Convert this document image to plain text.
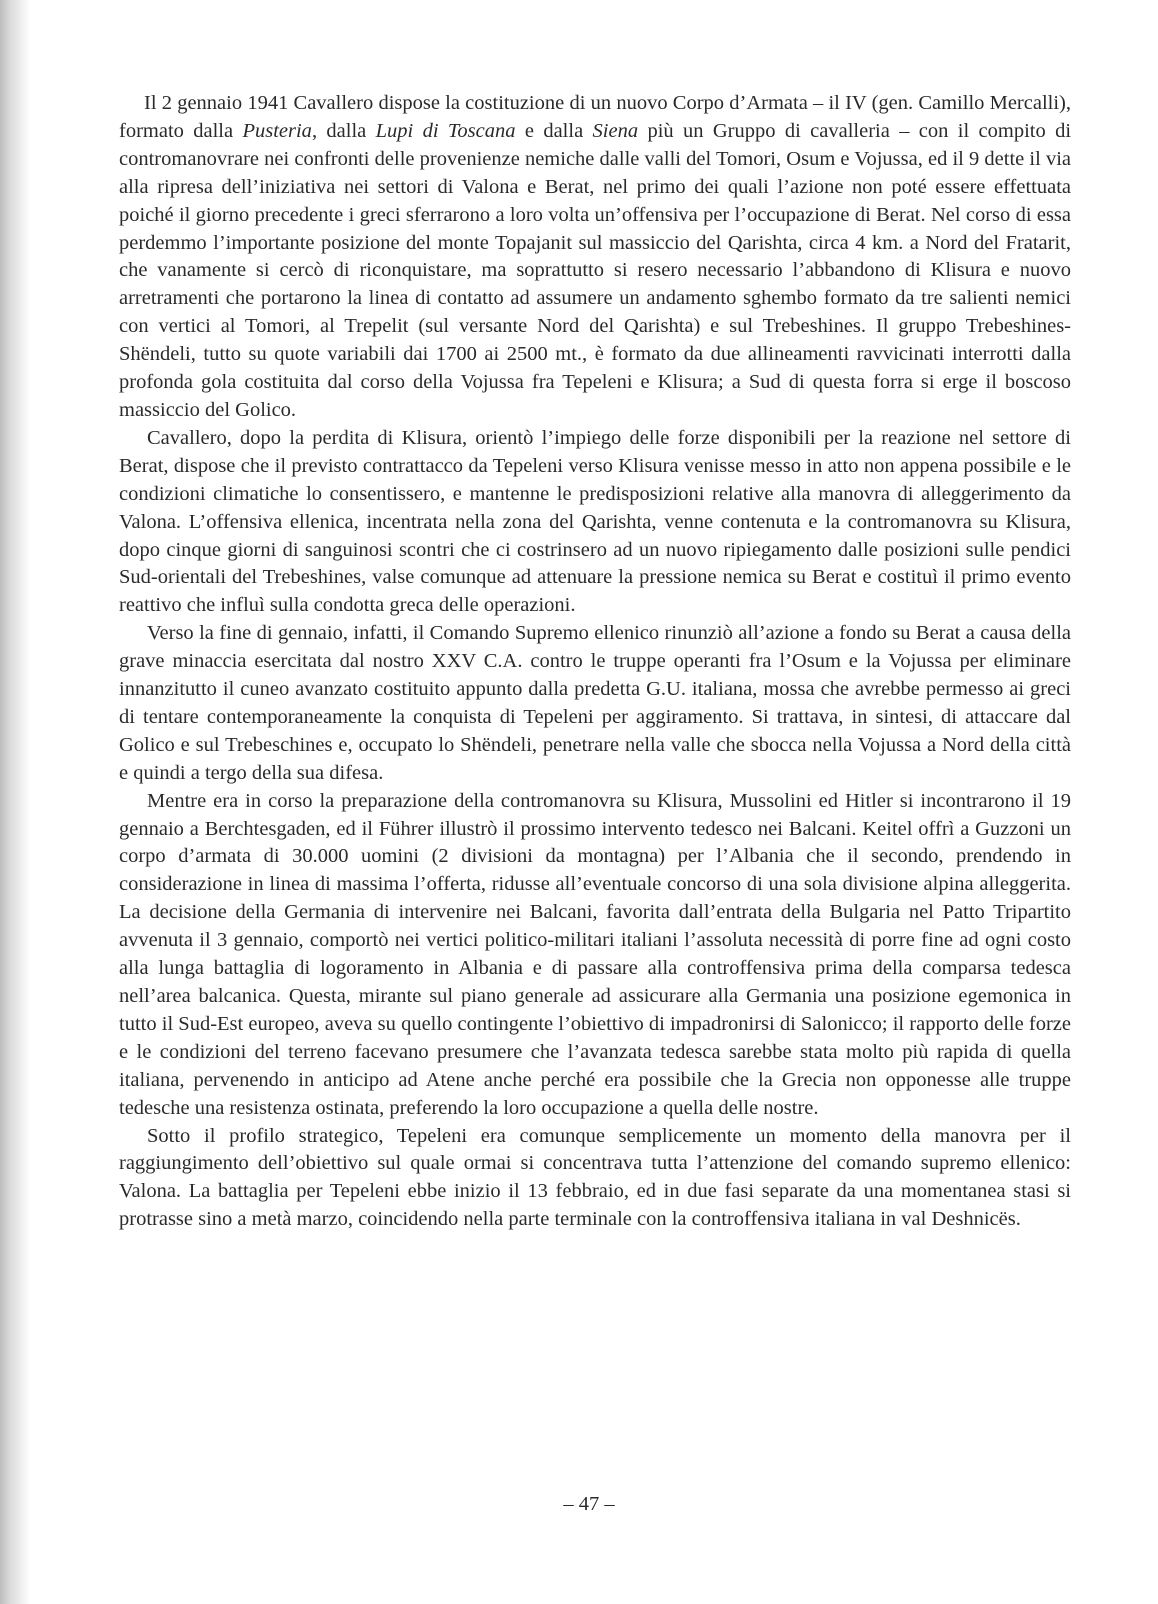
Il 2 gennaio 1941 Cavallero dispose la costituzione di un nuovo Corpo d’Armata – il IV (gen. Camillo Mercalli), formato dalla Pusteria, dalla Lupi di Toscana e dalla Siena più un Gruppo di cavalleria – con il compito di contromanovrare nei confronti delle provenienze nemiche dalle valli del Tomori, Osum e Vojussa, ed il 9 dette il via alla ripresa dell’iniziativa nei settori di Valona e Berat, nel primo dei quali l’azione non poté essere effettuata poiché il giorno precedente i greci sferrarono a loro volta un’offensiva per l’occupazione di Berat. Nel corso di essa perdemmo l’importante posizione del monte Topajanit sul massiccio del Qarishta, circa 4 km. a Nord del Fratarit, che vanamente si cercò di riconquistare, ma soprattutto si resero necessario l’abbandono di Klisura e nuovo arretramenti che portarono la linea di contatto ad assumere un andamento sghembo formato da tre salienti nemici con vertici al Tomori, al Trepelit (sul versante Nord del Qarishta) e sul Trebeshines. Il gruppo Trebeshines-Shëndeli, tutto su quote variabili dai 1700 ai 2500 mt., è formato da due allineamenti ravvicinati interrotti dalla profonda gola costituita dal corso della Vojussa fra Tepeleni e Klisura; a Sud di questa forra si erge il boscoso massiccio del Golico.

Cavallero, dopo la perdita di Klisura, orientò l’impiego delle forze disponibili per la reazione nel settore di Berat, dispose che il previsto contrattacco da Tepeleni verso Klisura venisse messo in atto non appena possibile e le condizioni climatiche lo consentissero, e mantenne le predisposizioni relative alla manovra di alleggerimento da Valona. L’offensiva ellenica, incentrata nella zona del Qarishta, venne contenuta e la contromanovra su Klisura, dopo cinque giorni di sanguinosi scontri che ci costrinsero ad un nuovo ripiegamento dalle posizioni sulle pendici Sud-orientali del Trebeshines, valse comunque ad attenuare la pressione nemica su Berat e costituì il primo evento reattivo che influì sulla condotta greca delle operazioni.

Verso la fine di gennaio, infatti, il Comando Supremo ellenico rinunziò all’azione a fondo su Berat a causa della grave minaccia esercitata dal nostro XXV C.A. contro le truppe operanti fra l’Osum e la Vojussa per eliminare innanzitutto il cuneo avanzato costituito appunto dalla predetta G.U. italiana, mossa che avrebbe permesso ai greci di tentare contemporaneamente la conquista di Tepeleni per aggiramento. Si trattava, in sintesi, di attaccare dal Golico e sul Trebeschines e, occupato lo Shëndeli, penetrare nella valle che sbocca nella Vojussa a Nord della città e quindi a tergo della sua difesa.

Mentre era in corso la preparazione della contromanovra su Klisura, Mussolini ed Hitler si incontrarono il 19 gennaio a Berchtesgaden, ed il Führer illustrò il prossimo intervento tedesco nei Balcani. Keitel offrì a Guzzoni un corpo d’armata di 30.000 uomini (2 divisioni da montagna) per l’Albania che il secondo, prendendo in considerazione in linea di massima l’offerta, ridusse all’eventuale concorso di una sola divisione alpina alleggerita. La decisione della Germania di intervenire nei Balcani, favorita dall’entrata della Bulgaria nel Patto Tripartito avvenuta il 3 gennaio, comportò nei vertici politico-militari italiani l’assoluta necessità di porre fine ad ogni costo alla lunga battaglia di logoramento in Albania e di passare alla controffensiva prima della comparsa tedesca nell’area balcanica. Questa, mirante sul piano generale ad assicurare alla Germania una posizione egemonica in tutto il Sud-Est europeo, aveva su quello contingente l’obiettivo di impadronirsi di Salonicco; il rapporto delle forze e le condizioni del terreno facevano presumere che l’avanzata tedesca sarebbe stata molto più rapida di quella italiana, pervenendo in anticipo ad Atene anche perché era possibile che la Grecia non opponesse alle truppe tedesche una resistenza ostinata, preferendo la loro occupazione a quella delle nostre.

Sotto il profilo strategico, Tepeleni era comunque semplicemente un momento della manovra per il raggiungimento dell’obiettivo sul quale ormai si concentrava tutta l’attenzione del comando supremo ellenico: Valona. La battaglia per Tepeleni ebbe inizio il 13 febbraio, ed in due fasi separate da una momentanea stasi si protrasse sino a metà marzo, coincidendo nella parte terminale con la controffensiva italiana in val Deshnicës.

– 47 –
